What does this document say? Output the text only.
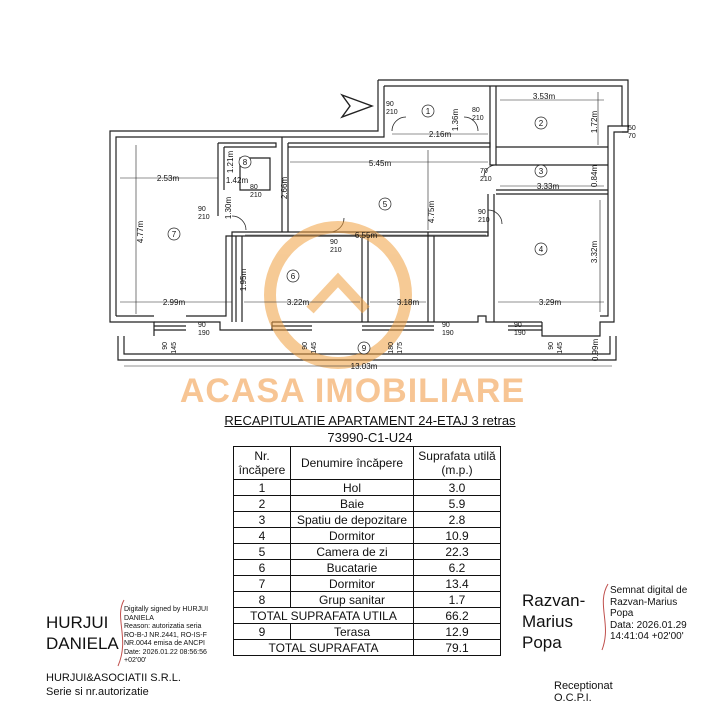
1
2
3
4
5
6
7
8
9
2.16m
3.53m
5.45m
2.53m	1.42m
3.33m
6.55m
2.99m	3.22m	3.18m	3.29m
13.03m
1.36m	1.72m
1.21m
2.66m
4.77m
1.30m	4.75m
0.84m
3.32m
1.95m
0.99m
90
210	80
210
50
70
70
210
80
210
90
210
90
210
90
210
90
190
90
190
90
190
90 145	90 145	180 175	90 145
ACASA IMOBILIARE
RECAPITULATIE APARTAMENT 24-ETAJ 3 retras
73990-C1-U24
Nr. încăpere	Denumire încăpere	Suprafata utilă (m.p.)
1	Hol	3.0
2	Baie	5.9
3	Spatiu de depozitare	2.8
4	Dormitor	10.9
5	Camera de zi	22.3
6	Bucatarie	6.2
7	Dormitor	13.4
8	Grup sanitar	1.7
TOTAL SUPRAFATA UTILA		66.2
9	Terasa	12.9
TOTAL SUPRAFATA		79.1
HURJUI
DANIELA
Digitally signed by HURJUI
DANIELA
Reason: autorizatia seria
RO-B-J NR.2441, RO-IS-F
NR.0044 emisa de ANCPI
Date: 2026.01.22 08:56:56
+02'00'
HURJUI&ASOCIATII S.R.L.
Serie si nr.autorizatie
Razvan-
Marius
Popa
Semnat digital de
Razvan-Marius
Popa
Data: 2026.01.29
14:41:04 +02'00'
Receptionat
O.C.P.I.
